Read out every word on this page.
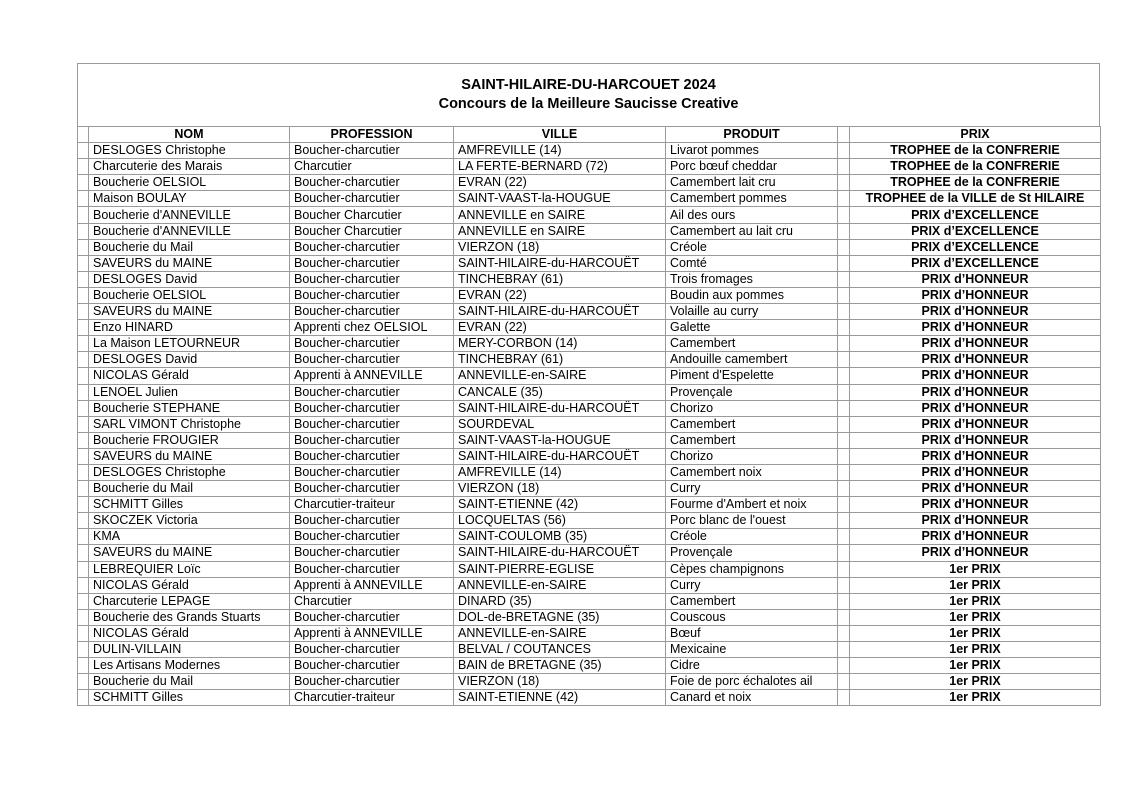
SAINT-HILAIRE-DU-HARCOUET 2024
Concours de la Meilleure Saucisse Creative
	NOM	PROFESSION	VILLE	PRODUIT		PRIX
	DESLOGES Christophe	Boucher-charcutier	AMFREVILLE (14)	Livarot pommes		TROPHEE de la CONFRERIE
	Charcuterie des Marais	Charcutier	LA FERTE-BERNARD (72)	Porc bœuf cheddar		TROPHEE de la CONFRERIE
	Boucherie OELSIOL	Boucher-charcutier	EVRAN (22)	Camembert lait cru		TROPHEE de la CONFRERIE
	Maison BOULAY	Boucher-charcutier	SAINT-VAAST-la-HOUGUE	Camembert pommes		TROPHEE de la VILLE de St HILAIRE
	Boucherie d'ANNEVILLE	Boucher Charcutier	ANNEVILLE en SAIRE	Ail des ours		PRIX d’EXCELLENCE
	Boucherie d'ANNEVILLE	Boucher Charcutier	ANNEVILLE en SAIRE	Camembert au lait cru		PRIX d’EXCELLENCE
	Boucherie du Mail	Boucher-charcutier	VIERZON (18)	Créole		PRIX d’EXCELLENCE
	SAVEURS du MAINE	Boucher-charcutier	SAINT-HILAIRE-du-HARCOUËT	Comté		PRIX d’EXCELLENCE
	DESLOGES David	Boucher-charcutier	TINCHEBRAY (61)	Trois fromages		PRIX d’HONNEUR
	Boucherie OELSIOL	Boucher-charcutier	EVRAN (22)	Boudin aux pommes		PRIX d’HONNEUR
	SAVEURS du MAINE	Boucher-charcutier	SAINT-HILAIRE-du-HARCOUËT	Volaille au curry		PRIX d’HONNEUR
	Enzo HINARD	Apprenti chez OELSIOL	EVRAN (22)	Galette		PRIX d’HONNEUR
	La Maison LETOURNEUR	Boucher-charcutier	MERY-CORBON (14)	Camembert		PRIX d’HONNEUR
	DESLOGES David	Boucher-charcutier	TINCHEBRAY (61)	Andouille camembert		PRIX d’HONNEUR
	NICOLAS Gérald	Apprenti à ANNEVILLE	ANNEVILLE-en-SAIRE	Piment d'Espelette		PRIX d’HONNEUR
	LENOEL Julien	Boucher-charcutier	CANCALE (35)	Provençale		PRIX d’HONNEUR
	Boucherie STEPHANE	Boucher-charcutier	SAINT-HILAIRE-du-HARCOUËT	Chorizo		PRIX d’HONNEUR
	SARL VIMONT Christophe	Boucher-charcutier	SOURDEVAL	Camembert		PRIX d’HONNEUR
	Boucherie FROUGIER	Boucher-charcutier	SAINT-VAAST-la-HOUGUE	Camembert		PRIX d’HONNEUR
	SAVEURS du MAINE	Boucher-charcutier	SAINT-HILAIRE-du-HARCOUËT	Chorizo		PRIX d’HONNEUR
	DESLOGES Christophe	Boucher-charcutier	AMFREVILLE (14)	Camembert noix		PRIX d’HONNEUR
	Boucherie du Mail	Boucher-charcutier	VIERZON (18)	Curry		PRIX d’HONNEUR
	SCHMITT Gilles	Charcutier-traiteur	SAINT-ETIENNE (42)	Fourme d'Ambert et noix		PRIX d’HONNEUR
	SKOCZEK Victoria	Boucher-charcutier	LOCQUELTAS (56)	Porc blanc de l'ouest		PRIX d’HONNEUR
	KMA	Boucher-charcutier	SAINT-COULOMB (35)	Créole		PRIX d’HONNEUR
	SAVEURS du MAINE	Boucher-charcutier	SAINT-HILAIRE-du-HARCOUËT	Provençale		PRIX d’HONNEUR
	LEBREQUIER Loïc	Boucher-charcutier	SAINT-PIERRE-EGLISE	Cèpes champignons		1er PRIX
	NICOLAS Gérald	Apprenti à ANNEVILLE	ANNEVILLE-en-SAIRE	Curry		1er PRIX
	Charcuterie LEPAGE	Charcutier	DINARD (35)	Camembert		1er PRIX
	Boucherie des Grands Stuarts	Boucher-charcutier	DOL-de-BRETAGNE (35)	Couscous		1er PRIX
	NICOLAS Gérald	Apprenti à ANNEVILLE	ANNEVILLE-en-SAIRE	Bœuf		1er PRIX
	DULIN-VILLAIN	Boucher-charcutier	BELVAL / COUTANCES	Mexicaine		1er PRIX
	Les Artisans Modernes	Boucher-charcutier	BAIN de BRETAGNE (35)	Cidre		1er PRIX
	Boucherie du Mail	Boucher-charcutier	VIERZON (18)	Foie de porc échalotes ail		1er PRIX
	SCHMITT Gilles	Charcutier-traiteur	SAINT-ETIENNE (42)	Canard et noix		1er PRIX
